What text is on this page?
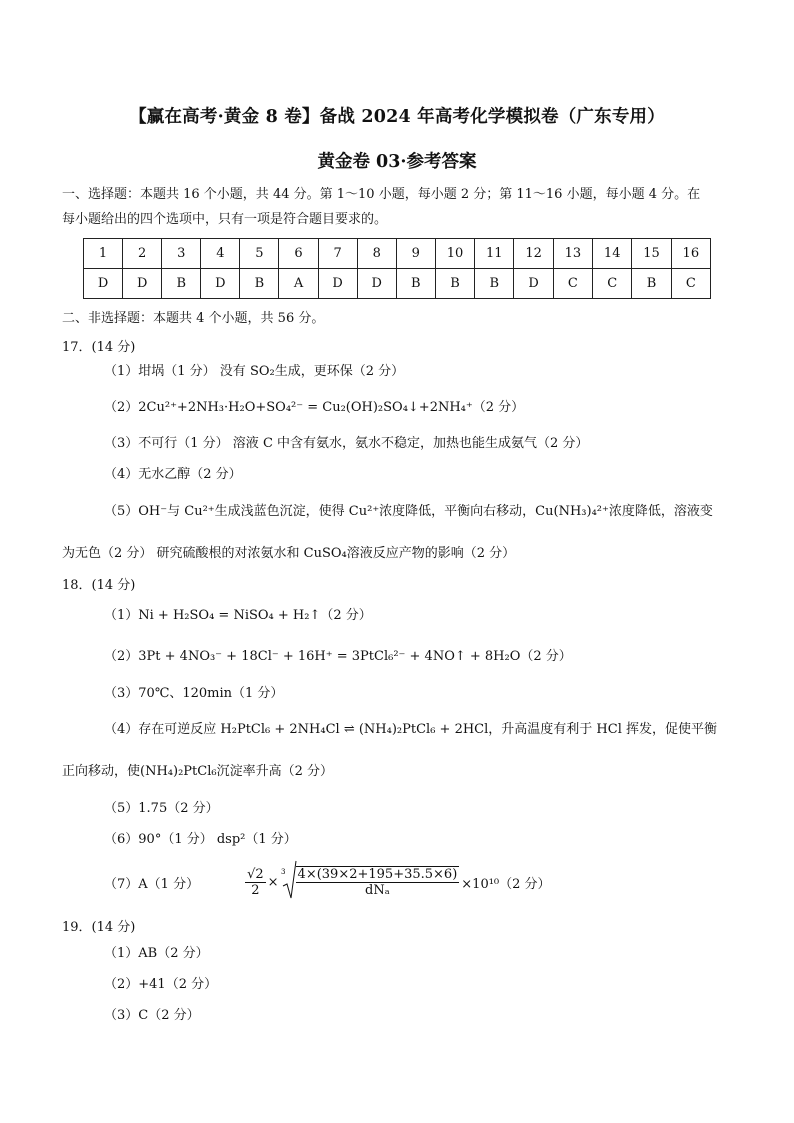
【赢在高考·黄金 8 卷】备战 2024 年高考化学模拟卷（广东专用）
黄金卷 03·参考答案
一、选择题：本题共 16 个小题，共 44 分。第 1～10 小题，每小题 2 分；第 11～16 小题，每小题 4 分。在
每小题给出的四个选项中，只有一项是符合题目要求的。
1	2	3	4	5	6	7	8	9	10	11	12	13	14	15	16
D	D	B	D	B	A	D	D	B	B	B	D	C	C	B	C
二、非选择题：本题共 4 个小题，共 56 分。
17．(14 分)
（1）坩埚（1 分） 没有 SO₂生成，更环保（2 分）
（2）2Cu²⁺+2NH₃·H₂O+SO₄²⁻ = Cu₂(OH)₂SO₄↓+2NH₄⁺（2 分）
（3）不可行（1 分） 溶液 C 中含有氨水，氨水不稳定，加热也能生成氨气（2 分）
（4）无水乙醇（2 分）
（5）OH⁻与 Cu²⁺生成浅蓝色沉淀，使得 Cu²⁺浓度降低，平衡向右移动，Cu(NH₃)₄²⁺浓度降低，溶液变
为无色（2 分） 研究硫酸根的对浓氨水和 CuSO₄溶液反应产物的影响（2 分）
18．(14 分)
（1）Ni + H₂SO₄ = NiSO₄ + H₂↑（2 分）
（2）3Pt + 4NO₃⁻ + 18Cl⁻ + 16H⁺ = 3PtCl₆²⁻ + 4NO↑ + 8H₂O（2 分）
（3）70℃、120min（1 分）
（4）存在可逆反应 H₂PtCl₆ + 2NH₄Cl ⇌ (NH₄)₂PtCl₆ + 2HCl，升高温度有利于 HCl 挥发，促使平衡
正向移动，使(NH₄)₂PtCl₆沉淀率升高（2 分）
（5）1.75（2 分）
（6）90°（1 分） dsp²（1 分）
（7）A（1 分）	$\frac{√2}{2}$ ×
$3 \frac{4\times(39\times 2+195+35.5\times 6)}{\text{dNₐ}} \times 10^{10}(2$ 分）
19．(14 分)
（1）AB（2 分）
（2）+41（2 分）
（3）C（2 分）
